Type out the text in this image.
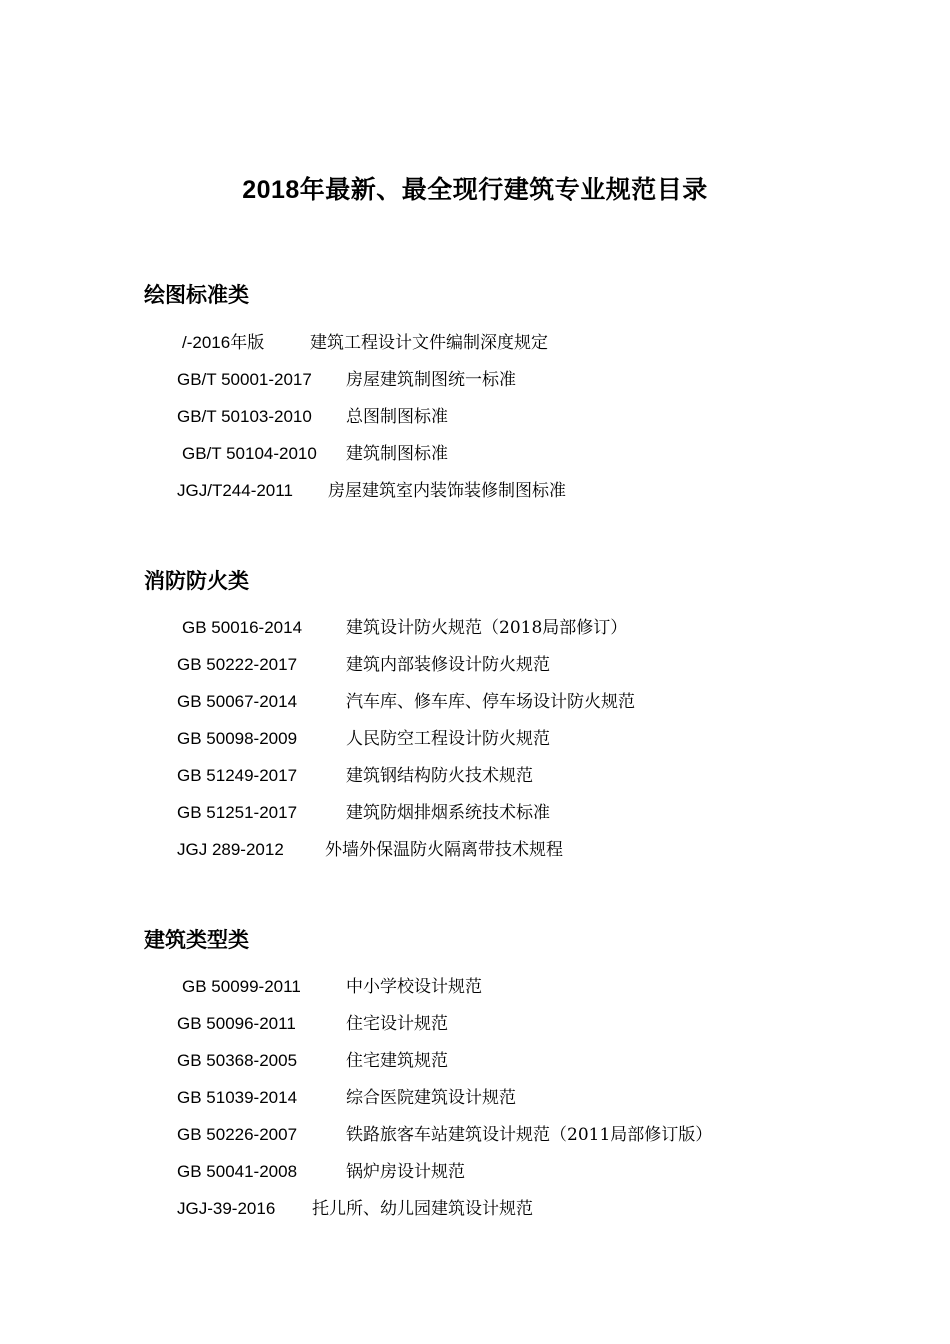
2018年最新、最全现行建筑专业规范目录
绘图标准类
/-2016年版	建筑工程设计文件编制深度规定
GB/T 50001-2017 房屋建筑制图统一标准
GB/T 50103-2010 总图制图标准
GB/T 50104-2010 建筑制图标准
JGJ/T244-2011 房屋建筑室内装饰装修制图标准
消防防火类
GB 50016-2014	建筑设计防火规范（2018局部修订）
GB 50222-2017	建筑内部装修设计防火规范
GB 50067-2014	汽车库、修车库、停车场设计防火规范
GB 50098-2009	人民防空工程设计防火规范
GB 51249-2017	建筑钢结构防火技术规范
GB 51251-2017	建筑防烟排烟系统技术标准
JGJ 289-2012 外墙外保温防火隔离带技术规程
建筑类型类
GB 50099-2011	中小学校设计规范
GB 50096-2011	住宅设计规范
GB 50368-2005	住宅建筑规范
GB 51039-2014	综合医院建筑设计规范
GB 50226-2007	铁路旅客车站建筑设计规范（2011局部修订版）
GB 50041-2008	锅炉房设计规范
JGJ-39-2016 托儿所、幼儿园建筑设计规范
